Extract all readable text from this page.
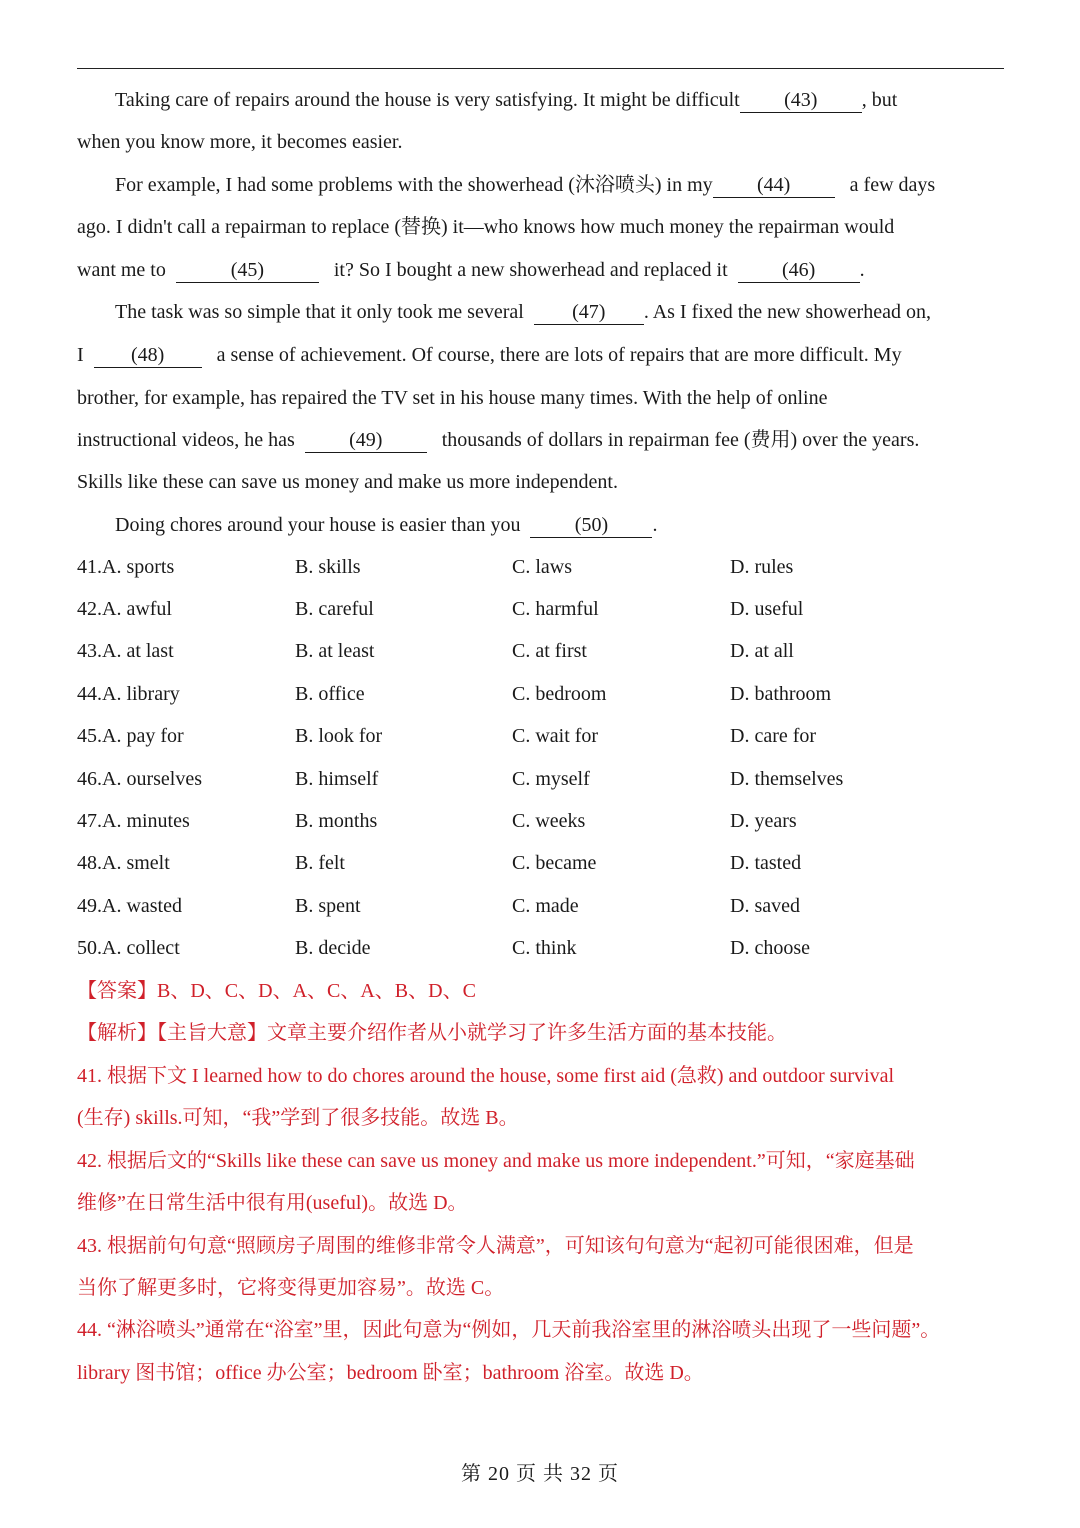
Taking care of repairs around the house is very satisfying. It might be difficult (43) , but
when you know more, it becomes easier.
For example, I had some problems with the showerhead (沐浴喷头) in my (44)	a few days
ago. I didn't call a repairman to replace (替换) it—who knows how much money the repairman would
want me to	(45)	it? So I bought a new showerhead and replaced it	(46) .
The task was so simple that it only took me several (47) . As I fixed the new showerhead on,
I (48)	a sense of achievement. Of course, there are lots of repairs that are more difficult. My
brother, for example, has repaired the TV set in his house many times. With the help of online
instructional videos, he has	(49)	thousands of dollars in repairman fee (费用) over the years.
Skills like these can save us money and make us more independent.
Doing chores around your house is easier than you	(50) .
41.A. sports	B. skills	C. laws	D. rules
42.A. awful	B. careful	C. harmful	D. useful
43.A. at last	B. at least	C. at first	D. at all
44.A. library	B. office	C. bedroom	D. bathroom
45.A. pay for	B. look for	C. wait for	D. care for
46.A. ourselves	B. himself	C. myself	D. themselves
47.A. minutes	B. months	C. weeks	D. years
48.A. smelt	B. felt	C. became	D. tasted
49.A. wasted	B. spent	C. made	D. saved
50.A. collect	B. decide	C. think	D. choose
【答案】B、D、C、D、A、C、A、B、D、C
【解析】【主旨大意】文章主要介绍作者从小就学习了许多生活方面的基本技能。
41. 根据下文 I learned how to do chores around the house, some first aid (急救) and outdoor survival
(生存) skills.可知，“我”学到了很多技能。故选 B。
42. 根据后文的“Skills like these can save us money and make us more independent.”可知，“家庭基础
维修”在日常生活中很有用(useful)。故选 D。
43. 根据前句句意“照顾房子周围的维修非常令人满意”，可知该句句意为“起初可能很困难，但是
当你了解更多时，它将变得更加容易”。故选 C。
44. “淋浴喷头”通常在“浴室”里，因此句意为“例如，几天前我浴室里的淋浴喷头出现了一些问题”。
library 图书馆；office 办公室；bedroom 卧室；bathroom 浴室。故选 D。
第 20 页 共 32 页
